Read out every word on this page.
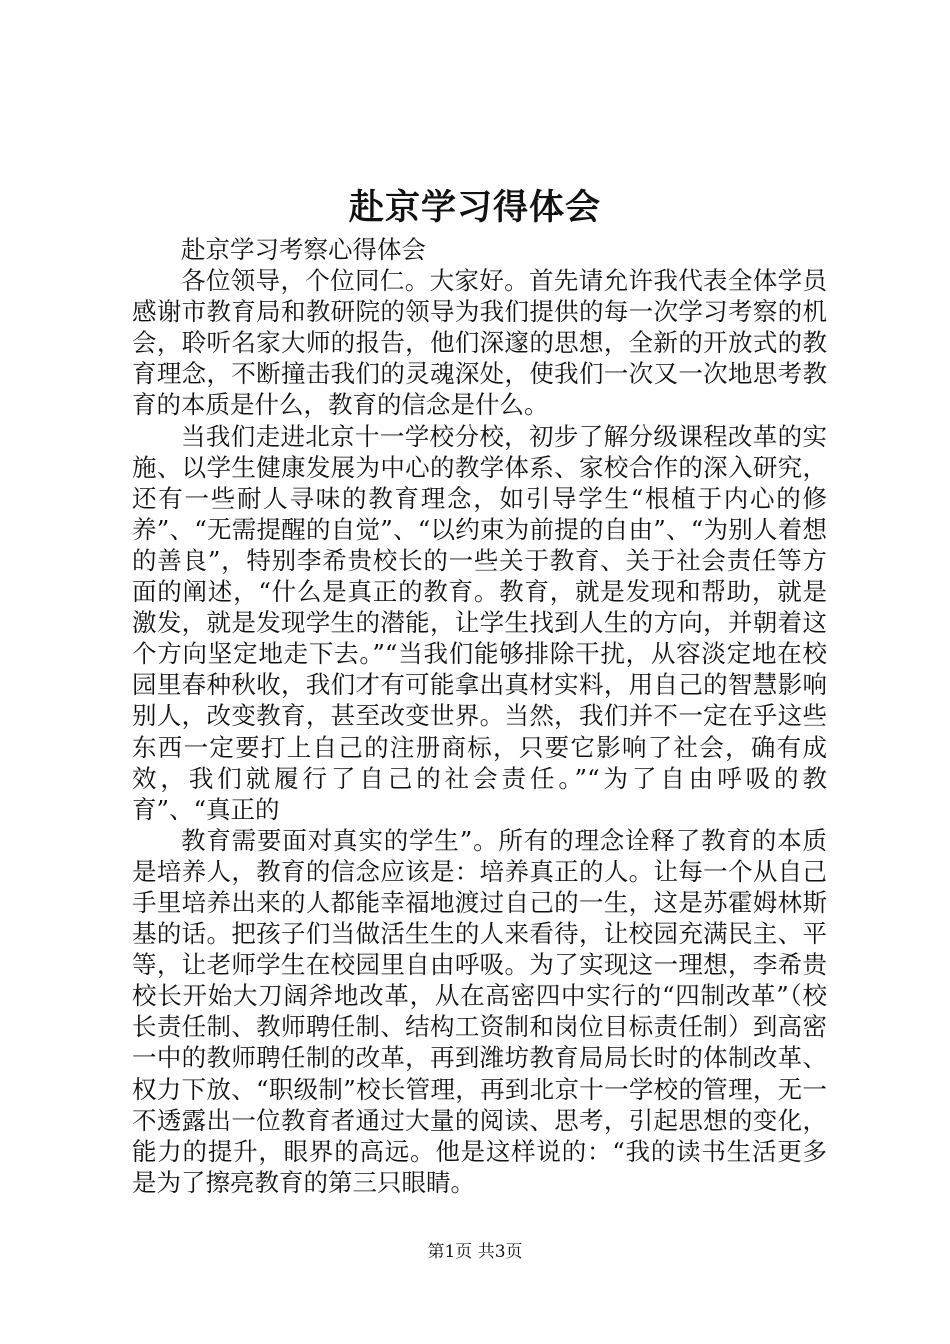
赴京学习得体会

赴京学习考察心得体会

各位领导，个位同仁。大家好。首先请允许我代表全体学员感谢市教育局和教研院的领导为我们提供的每一次学习考察的机会，聆听名家大师的报告，他们深邃的思想，全新的开放式的教育理念，不断撞击我们的灵魂深处，使我们一次又一次地思考教育的本质是什么，教育的信念是什么。

当我们走进北京十一学校分校，初步了解分级课程改革的实施、以学生健康发展为中心的教学体系、家校合作的深入研究，还有一些耐人寻味的教育理念，如引导学生“根植于内心的修养”、“无需提醒的自觉”、“以约束为前提的自由”、“为别人着想的善良”，特别李希贵校长的一些关于教育、关于社会责任等方面的阐述，“什么是真正的教育。教育，就是发现和帮助，就是激发，就是发现学生的潜能，让学生找到人生的方向，并朝着这个方向坚定地走下去。”“当我们能够排除干扰，从容淡定地在校园里春种秋收，我们才有可能拿出真材实料，用自己的智慧影响别人，改变教育，甚至改变世界。当然，我们并不一定在乎这些东西一定要打上自己的注册商标，只要它影响了社会，确有成效，我们就履行了自己的社会责任。”“为了自由呼吸的教育”、“真正的

教育需要面对真实的学生”。所有的理念诠释了教育的本质是培养人，教育的信念应该是：培养真正的人。让每一个从自己手里培养出来的人都能幸福地渡过自己的一生，这是苏霍姆林斯基的话。把孩子们当做活生生的人来看待，让校园充满民主、平等，让老师学生在校园里自由呼吸。为了实现这一理想，李希贵校长开始大刀阔斧地改革，从在高密四中实行的“四制改革”（校长责任制、教师聘任制、结构工资制和岗位目标责任制）到高密一中的教师聘任制的改革，再到潍坊教育局局长时的体制改革、权力下放、“职级制”校长管理，再到北京十一学校的管理，无一不透露出一位教育者通过大量的阅读、思考，引起思想的变化，能力的提升，眼界的高远。他是这样说的：“我的读书生活更多是为了擦亮教育的第三只眼睛。

第1页 共3页
